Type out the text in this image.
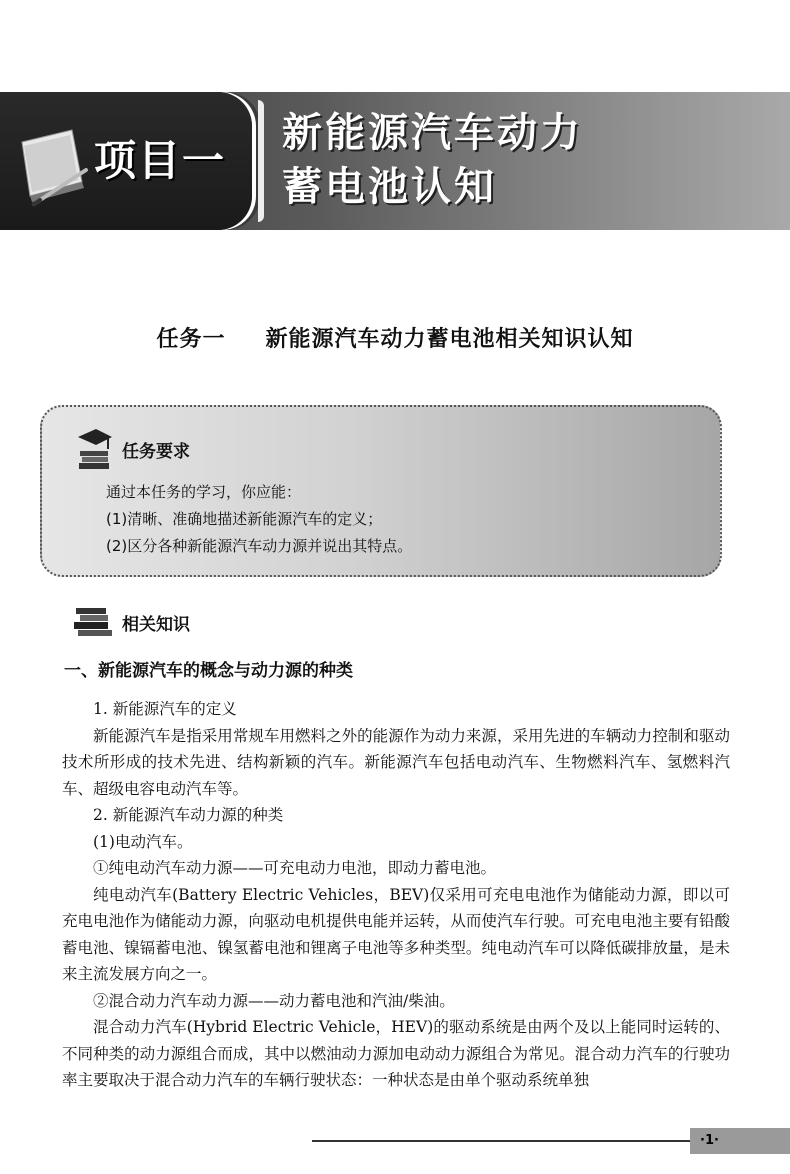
项目一
新能源汽车动力
蓄电池认知
任务一 新能源汽车动力蓄电池相关知识认知
任务要求
通过本任务的学习，你应能：
(1)清晰、准确地描述新能源汽车的定义；
(2)区分各种新能源汽车动力源并说出其特点。
相关知识
一、新能源汽车的概念与动力源的种类

1. 新能源汽车的定义

新能源汽车是指采用常规车用燃料之外的能源作为动力来源，采用先进的车辆动力控制和驱动技术所形成的技术先进、结构新颖的汽车。新能源汽车包括电动汽车、生物燃料汽车、氢燃料汽车、超级电容电动汽车等。

2. 新能源汽车动力源的种类

(1)电动汽车。

①纯电动汽车动力源——可充电动力电池，即动力蓄电池。

纯电动汽车(Battery Electric Vehicles，BEV)仅采用可充电电池作为储能动力源，即以可充电电池作为储能动力源，向驱动电机提供电能并运转，从而使汽车行驶。可充电电池主要有铅酸蓄电池、镍镉蓄电池、镍氢蓄电池和锂离子电池等多种类型。纯电动汽车可以降低碳排放量，是未来主流发展方向之一。

②混合动力汽车动力源——动力蓄电池和汽油/柴油。

混合动力汽车(Hybrid Electric Vehicle，HEV)的驱动系统是由两个及以上能同时运转的、不同种类的动力源组合而成，其中以燃油动力源加电动动力源组合为常见。混合动力汽车的行驶功率主要取决于混合动力汽车的车辆行驶状态：一种状态是由单个驱动系统单独

·1·
